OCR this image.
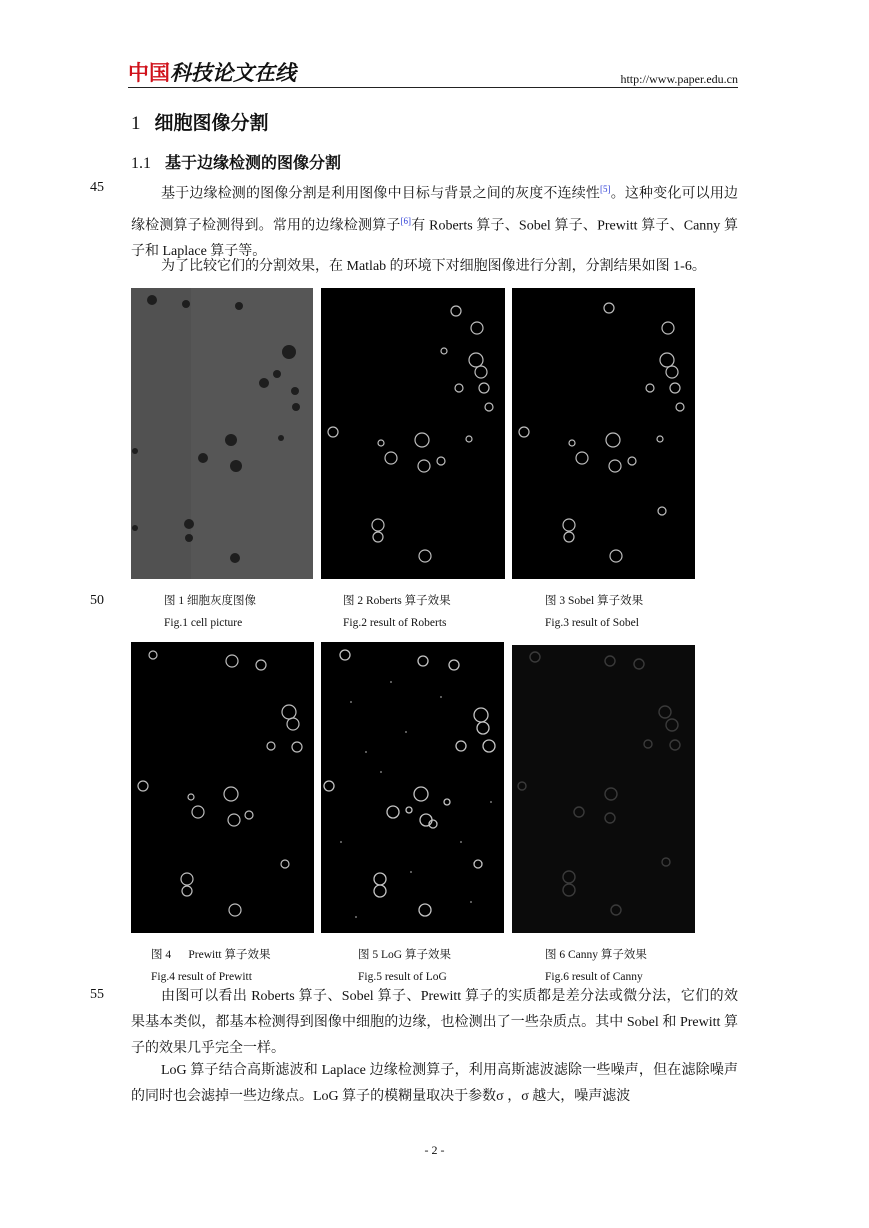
中国科技论文在线	http://www.paper.edu.cn
1 细胞图像分割
1.1 基于边缘检测的图像分割
45
50
55
基于边缘检测的图像分割是利用图像中目标与背景之间的灰度不连续性[5]。这种变化可以用边缘检测算子检测得到。常用的边缘检测算子[6]有 Roberts 算子、Sobel 算子、Prewitt 算子、Canny 算子和 Laplace 算子等。
为了比较它们的分割效果，在 Matlab 的环境下对细胞图像进行分割，分割结果如图 1-6。
图 1 细胞灰度图像
Fig.1 cell picture
图 2 Roberts 算子效果
Fig.2 result of Roberts
图 3 Sobel 算子效果
Fig.3 result of Sobel
图 4      Prewitt 算子效果
Fig.4 result of Prewitt
图 5 LoG 算子效果
Fig.5 result of LoG
图 6 Canny 算子效果
Fig.6 result of Canny
由图可以看出 Roberts 算子、Sobel 算子、Prewitt 算子的实质都是差分法或微分法，它们的效果基本类似，都基本检测得到图像中细胞的边缘，也检测出了一些杂质点。其中 Sobel 和 Prewitt 算子的效果几乎完全一样。
LoG 算子结合高斯滤波和 Laplace 边缘检测算子，利用高斯滤波滤除一些噪声，但在滤除噪声的同时也会滤掉一些边缘点。LoG 算子的模糊量取决于参数σ ，σ 越大，噪声滤波
- 2 -
